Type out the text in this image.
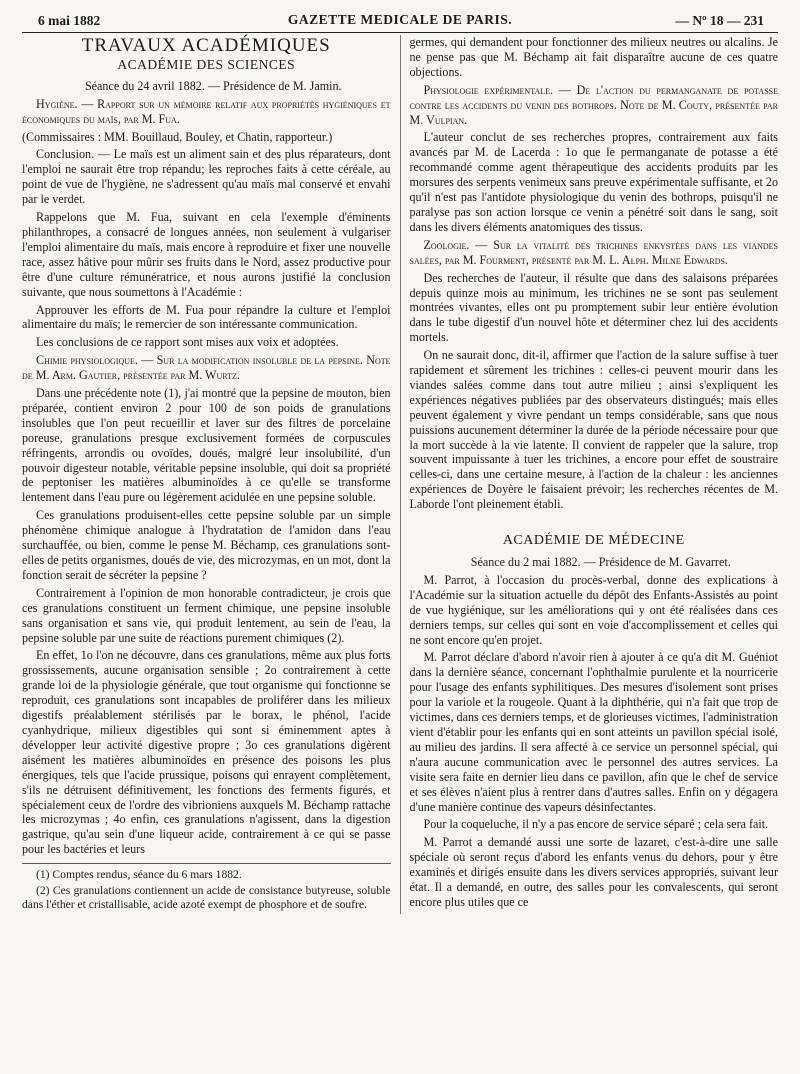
6 mai 1882	GAZETTE MEDICALE DE PARIS.	— Nº 18 — 231
TRAVAUX ACADÉMIQUES
ACADÉMIE DES SCIENCES

Séance du 24 avril 1882. — Présidence de M. Jamin.

Hygiène. — Rapport sur un mémoire relatif aux propriétés hygiéniques et économiques du maïs, par M. Fua.

(Commissaires : MM. Bouillaud, Bouley, et Chatin, rapporteur.)

Conclusion. — Le maïs est un aliment sain et des plus réparateurs, dont l'emploi ne saurait être trop répandu; les reproches faits à cette céréale, au point de vue de l'hygiène, ne s'adressent qu'au maïs mal conservé et envahi par le verdet.

Rappelons que M. Fua, suivant en cela l'exemple d'éminents philanthropes, a consacré de longues années, non seulement à vulgariser l'emploi alimentaire du maïs, mais encore à reproduire et fixer une nouvelle race, assez hâtive pour mûrir ses fruits dans le Nord, assez productive pour être d'une culture rémunératrice, et nous aurons justifié la conclusion suivante, que nous soumettons à l'Académie :

Approuver les efforts de M. Fua pour répandre la culture et l'emploi alimentaire du maïs; le remercier de son intéressante communication.

Les conclusions de ce rapport sont mises aux voix et adoptées.

Chimie physiologique. — Sur la modification insoluble de la pepsine. Note de M. Arm. Gautier, présentée par M. Wurtz.

Dans une précédente note (1), j'ai montré que la pepsine de mouton, bien préparée, contient environ 2 pour 100 de son poids de granulations insolubles que l'on peut recueillir et laver sur des filtres de porcelaine poreuse, granulations presque exclusivement formées de corpuscules réfringents, arrondis ou ovoïdes, doués, malgré leur insolubilité, d'un pouvoir digesteur notable, véritable pepsine insoluble, qui doit sa propriété de peptoniser les matières albuminoïdes à ce qu'elle se transforme lentement dans l'eau pure ou légèrement acidulée en une pepsine soluble.

Ces granulations produisent-elles cette pepsine soluble par un simple phénomène chimique analogue à l'hydratation de l'amidon dans l'eau surchauffée, ou bien, comme le pense M. Béchamp, ces granulations sont-elles de petits organismes, doués de vie, des microzymas, en un mot, dont la fonction serait de sécréter la pepsine ?

Contrairement à l'opinion de mon honorable contradicteur, je crois que ces granulations constituent un ferment chimique, une pepsine insoluble sans organisation et sans vie, qui produit lentement, au sein de l'eau, la pepsine soluble par une suite de réactions purement chimiques (2).

En effet, 1o l'on ne découvre, dans ces granulations, même aux plus forts grossissements, aucune organisation sensible ; 2o contrairement à cette grande loi de la physiologie générale, que tout organisme qui fonctionne se reproduit, ces granulations sont incapables de proliférer dans les milieux digestifs préalablement stérilisés par le borax, le phénol, l'acide cyanhydrique, milieux digestibles qui sont si éminemment aptes à développer leur activité digestive propre ; 3o ces granulations digèrent aisément les matières albuminoïdes en présence des poisons les plus énergiques, tels que l'acide prussique, poisons qui enrayent complètement, s'ils ne détruisent définitivement, les fonctions des ferments figurés, et spécialement ceux de l'ordre des vibrioniens auxquels M. Béchamp rattache les microzymas ; 4o enfin, ces granulations n'agissent, dans la digestion gastrique, qu'au sein d'une liqueur acide, contrairement à ce qui se passe pour les bactéries et leurs

(1) Comptes rendus, séance du 6 mars 1882.

(2) Ces granulations contiennent un acide de consistance butyreuse, soluble dans l'éther et cristallisable, acide azoté exempt de phosphore et de soufre.

germes, qui demandent pour fonctionner des milieux neutres ou alcalins. Je ne pense pas que M. Béchamp ait fait disparaître aucune de ces quatre objections.

Physiologie expérimentale. — De l'action du permanganate de potasse contre les accidents du venin des bothrops. Note de M. Couty, présentée par M. Vulpian.

L'auteur conclut de ses recherches propres, contrairement aux faits avancés par M. de Lacerda : 1o que le permanganate de potasse a été recommandé comme agent thérapeutique des accidents produits par les morsures des serpents venimeux sans preuve expérimentale suffisante, et 2o qu'il n'est pas l'antidote physiologique du venin des bothrops, puisqu'il ne paralyse pas son action lorsque ce venin a pénétré soit dans le sang, soit dans les divers éléments anatomiques des tissus.

Zoologie. — Sur la vitalité des trichines enkystées dans les viandes salées, par M. Fourment, présenté par M. L. Alph. Milne Edwards.

Des recherches de l'auteur, il résulte que dans des salaisons préparées depuis quinze mois au minimum, les trichines ne se sont pas seulement montrées vivantes, elles ont pu promptement subir leur entière évolution dans le tube digestif d'un nouvel hôte et déterminer chez lui des accidents mortels.

On ne saurait donc, dit-il, affirmer que l'action de la salure suffise à tuer rapidement et sûrement les trichines : celles-ci peuvent mourir dans les viandes salées comme dans tout autre milieu ; ainsi s'expliquent les expériences négatives publiées par des observateurs distingués; mais elles peuvent également y vivre pendant un temps considérable, sans que nous puissions aucunement déterminer la durée de la période nécessaire pour que la mort succède à la vie latente. Il convient de rappeler que la salure, trop souvent impuissante à tuer les trichines, a encore pour effet de soustraire celles-ci, dans une certaine mesure, à l'action de la chaleur : les anciennes expériences de Doyère le faisaient prévoir; les recherches récentes de M. Laborde l'ont pleinement établi.

ACADÉMIE DE MÉDECINE

Séance du 2 mai 1882. — Présidence de M. Gavarret.

M. Parrot, à l'occasion du procès-verbal, donne des explications à l'Académie sur la situation actuelle du dépôt des Enfants-Assistés au point de vue hygiénique, sur les améliorations qui y ont été réalisées dans ces derniers temps, sur celles qui sont en voie d'accomplissement et celles qui ne sont encore qu'en projet.

M. Parrot déclare d'abord n'avoir rien à ajouter à ce qu'a dit M. Guéniot dans la dernière séance, concernant l'ophthalmie purulente et la nourricerie pour l'usage des enfants syphilitiques. Des mesures d'isolement sont prises pour la variole et la rougeole. Quant à la diphthérie, qui n'a fait que trop de victimes, dans ces derniers temps, et de glorieuses victimes, l'administration vient d'établir pour les enfants qui en sont atteints un pavillon spécial isolé, au milieu des jardins. Il sera affecté à ce service un personnel spécial, qui n'aura aucune communication avec le personnel des autres services. La visite sera faite en dernier lieu dans ce pavillon, afin que le chef de service et ses élèves n'aient plus à rentrer dans d'autres salles. Enfin on y dégagera d'une manière continue des vapeurs désinfectantes.

Pour la coqueluche, il n'y a pas encore de service séparé ; cela sera fait.

M. Parrot a demandé aussi une sorte de lazaret, c'est-à-dire une salle spéciale où seront reçus d'abord les enfants venus du dehors, pour y être examinés et dirigés ensuite dans les divers services appropriés, suivant leur état. Il a demandé, en outre, des salles pour les convalescents, qui seront encore plus utiles que ce
